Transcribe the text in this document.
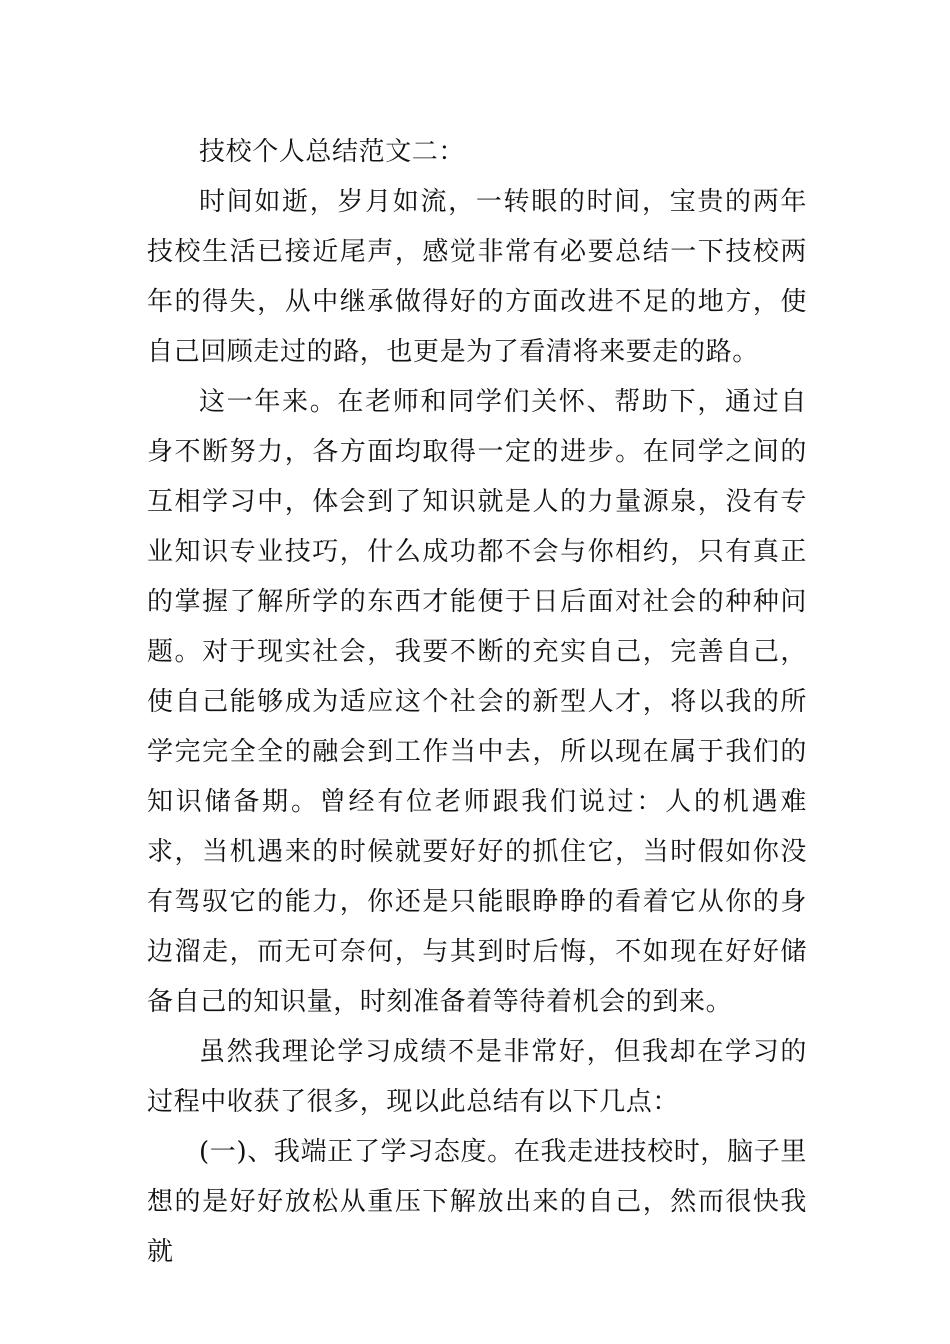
技校个人总结范文二：

时间如逝，岁月如流，一转眼的时间，宝贵的两年技校生活已接近尾声，感觉非常有必要总结一下技校两年的得失，从中继承做得好的方面改进不足的地方，使自己回顾走过的路，也更是为了看清将来要走的路。

这一年来。在老师和同学们关怀、帮助下，通过自身不断努力，各方面均取得一定的进步。在同学之间的互相学习中，体会到了知识就是人的力量源泉，没有专业知识专业技巧，什么成功都不会与你相约，只有真正的掌握了解所学的东西才能便于日后面对社会的种种问题。对于现实社会，我要不断的充实自己，完善自己，使自己能够成为适应这个社会的新型人才，将以我的所学完完全全的融会到工作当中去，所以现在属于我们的知识储备期。曾经有位老师跟我们说过：人的机遇难求，当机遇来的时候就要好好的抓住它，当时假如你没有驾驭它的能力，你还是只能眼睁睁的看着它从你的身边溜走，而无可奈何，与其到时后悔，不如现在好好储备自己的知识量，时刻准备着等待着机会的到来。

虽然我理论学习成绩不是非常好，但我却在学习的过程中收获了很多，现以此总结有以下几点：

(一)、我端正了学习态度。在我走进技校时，脑子里想的是好好放松从重压下解放出来的自己，然而很快我就
